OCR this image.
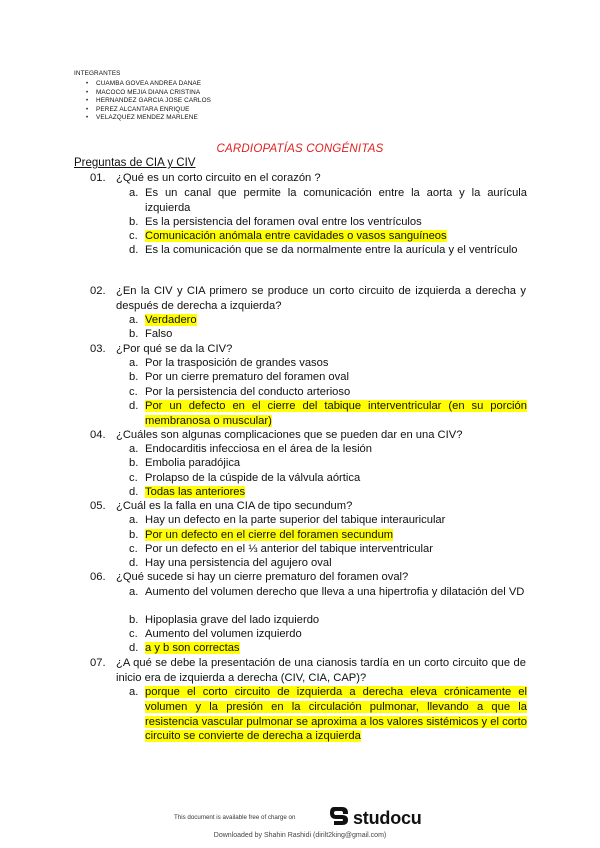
INTEGRANTES
• CUAMBA GOVEA ANDREA DANAE
• MACOCO MEJIA DIANA CRISTINA
• HERNANDEZ GARCIA JOSE CARLOS
• PEREZ ALCANTARA ENRIQUE
• VELAZQUEZ MENDEZ MARLENE
CARDIOPATÍAS CONGÉNITAS
Preguntas de CIA y CIV
01. ¿Qué es un corto circuito en el corazón ?
a. Es un canal que permite la comunicación entre la aorta y la aurícula izquierda
b. Es la persistencia del foramen oval entre los ventrículos
c. Comunicación anómala entre cavidades o vasos sanguíneos
d. Es la comunicación que se da normalmente entre la aurícula y el ventrículo
02. ¿En la CIV y CIA primero se produce un corto circuito de izquierda a derecha y después de derecha a izquierda?
a. Verdadero
b. Falso
03. ¿Por qué se da la CIV?
a. Por la trasposición de grandes vasos
b. Por un cierre prematuro del foramen oval
c. Por la persistencia del conducto arterioso
d. Por un defecto en el cierre del tabique interventricular (en su porción membranosa o muscular)
04. ¿Cuáles son algunas complicaciones que se pueden dar en una CIV?
a. Endocarditis infecciosa en el área de la lesión
b. Embolia paradójica
c. Prolapso de la cúspide de la válvula aórtica
d. Todas las anteriores
05. ¿Cuál es la falla en una CIA de tipo secundum?
a. Hay un defecto en la parte superior del tabique interauricular
b. Por un defecto en el cierre del foramen secundum
c. Por un defecto en el ⅓ anterior del tabique interventricular
d. Hay una persistencia del agujero oval
06. ¿Qué sucede si hay un cierre prematuro del foramen oval?
a. Aumento del volumen derecho que lleva a una hipertrofia y dilatación del VD
b. Hipoplasia grave del lado izquierdo
c. Aumento del volumen izquierdo
d. a y b son correctas
07. ¿A qué se debe la presentación de una cianosis tardía en un corto circuito que de inicio era de izquierda a derecha (CIV, CIA, CAP)?
a. porque el corto circuito de izquierda a derecha eleva crónicamente el volumen y la presión en la circulación pulmonar, llevando a que la resistencia vascular pulmonar se aproxima a los valores sistémicos y el corto circuito se convierte de derecha a izquierda
This document is available free of charge on	studocu
Downloaded by Shahin Rashidi (dirilt2king@gmail.com)
